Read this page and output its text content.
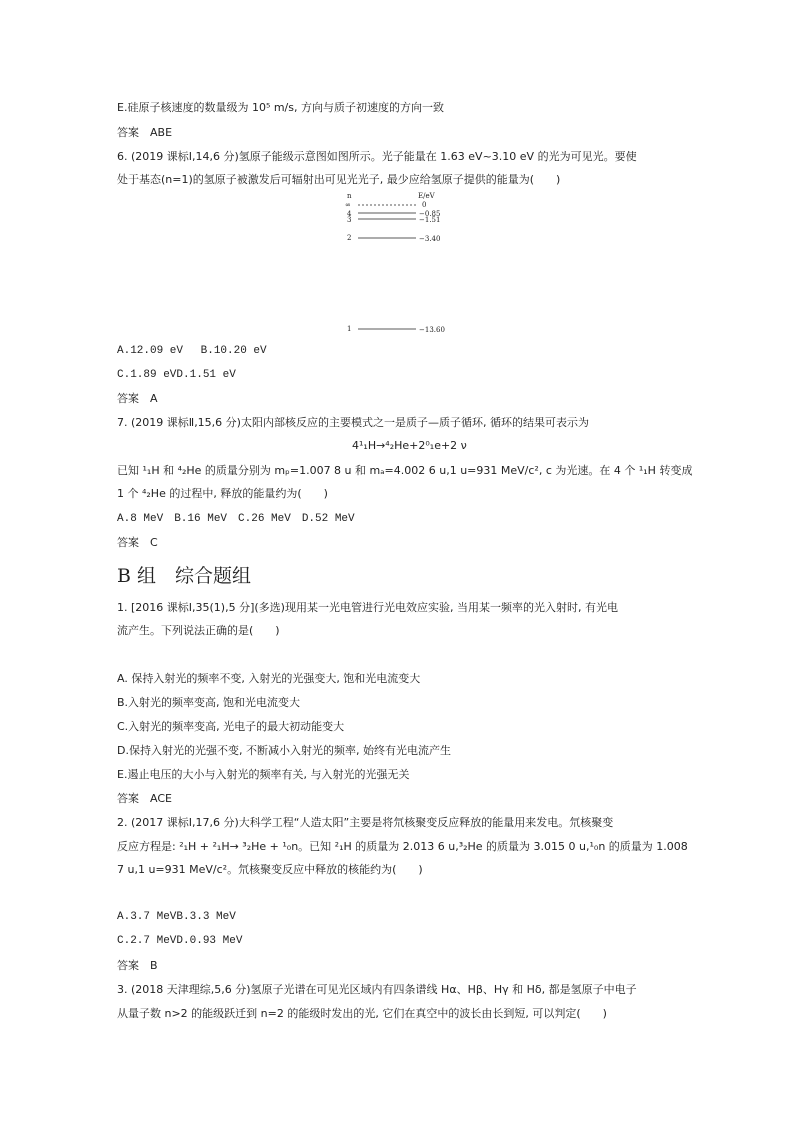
E.硅原子核速度的数量级为 10⁵ m/s, 方向与质子初速度的方向一致
答案　ABE
6. (2019 课标Ⅰ,14,6 分)氢原子能级示意图如图所示。光子能量在 1.63 eV~3.10 eV 的光为可见光。要使
处于基态(n=1)的氢原子被激发后可辐射出可见光光子, 最少应给氢原子提供的能量为(　　)
n	E/eV
∞	0
4	−0.85
3	−1.51
2	−3.40
1	−13.60
A.12.09 eV　 B.10.20 eV
C.1.89 eVD.1.51 eV
答案　A
7. (2019 课标Ⅱ,15,6 分)太阳内部核反应的主要模式之一是质子—质子循环, 循环的结果可表示为
4¹₁H→⁴₂He+2⁰₁e+2 ν
已知 ¹₁H 和 ⁴₂He 的质量分别为 mₚ=1.007 8 u 和 mₐ=4.002 6 u,1 u=931 MeV/c², c 为光速。在 4 个 ¹₁H 转变成
1 个 ⁴₂He 的过程中, 释放的能量约为(　　)
A.8 MeV　B.16 MeV　C.26 MeV　D.52 MeV
答案　C
B 组　综合题组
1. [2016 课标Ⅰ,35(1),5 分](多选)现用某一光电管进行光电效应实验, 当用某一频率的光入射时, 有光电
流产生。下列说法正确的是(　　)
A. 保持入射光的频率不变, 入射光的光强变大, 饱和光电流变大
B.入射光的频率变高, 饱和光电流变大
C.入射光的频率变高, 光电子的最大初动能变大
D.保持入射光的光强不变, 不断减小入射光的频率, 始终有光电流产生
E.遏止电压的大小与入射光的频率有关, 与入射光的光强无关
答案　ACE
2. (2017 课标Ⅰ,17,6 分)大科学工程“人造太阳”主要是将氘核聚变反应释放的能量用来发电。氘核聚变
反应方程是: ²₁H + ²₁H→ ³₂He + ¹₀n。已知 ²₁H 的质量为 2.013 6 u,³₂He 的质量为 3.015 0 u,¹₀n 的质量为 1.008
7 u,1 u=931 MeV/c²。氘核聚变反应中释放的核能约为(　　)
A.3.7 MeVB.3.3 MeV
C.2.7 MeVD.0.93 MeV
答案　B
3. (2018 天津理综,5,6 分)氢原子光谱在可见光区域内有四条谱线 Hα、Hβ、Hγ 和 Hδ, 都是氢原子中电子
从量子数 n>2 的能级跃迁到 n=2 的能级时发出的光, 它们在真空中的波长由长到短, 可以判定(　　)
